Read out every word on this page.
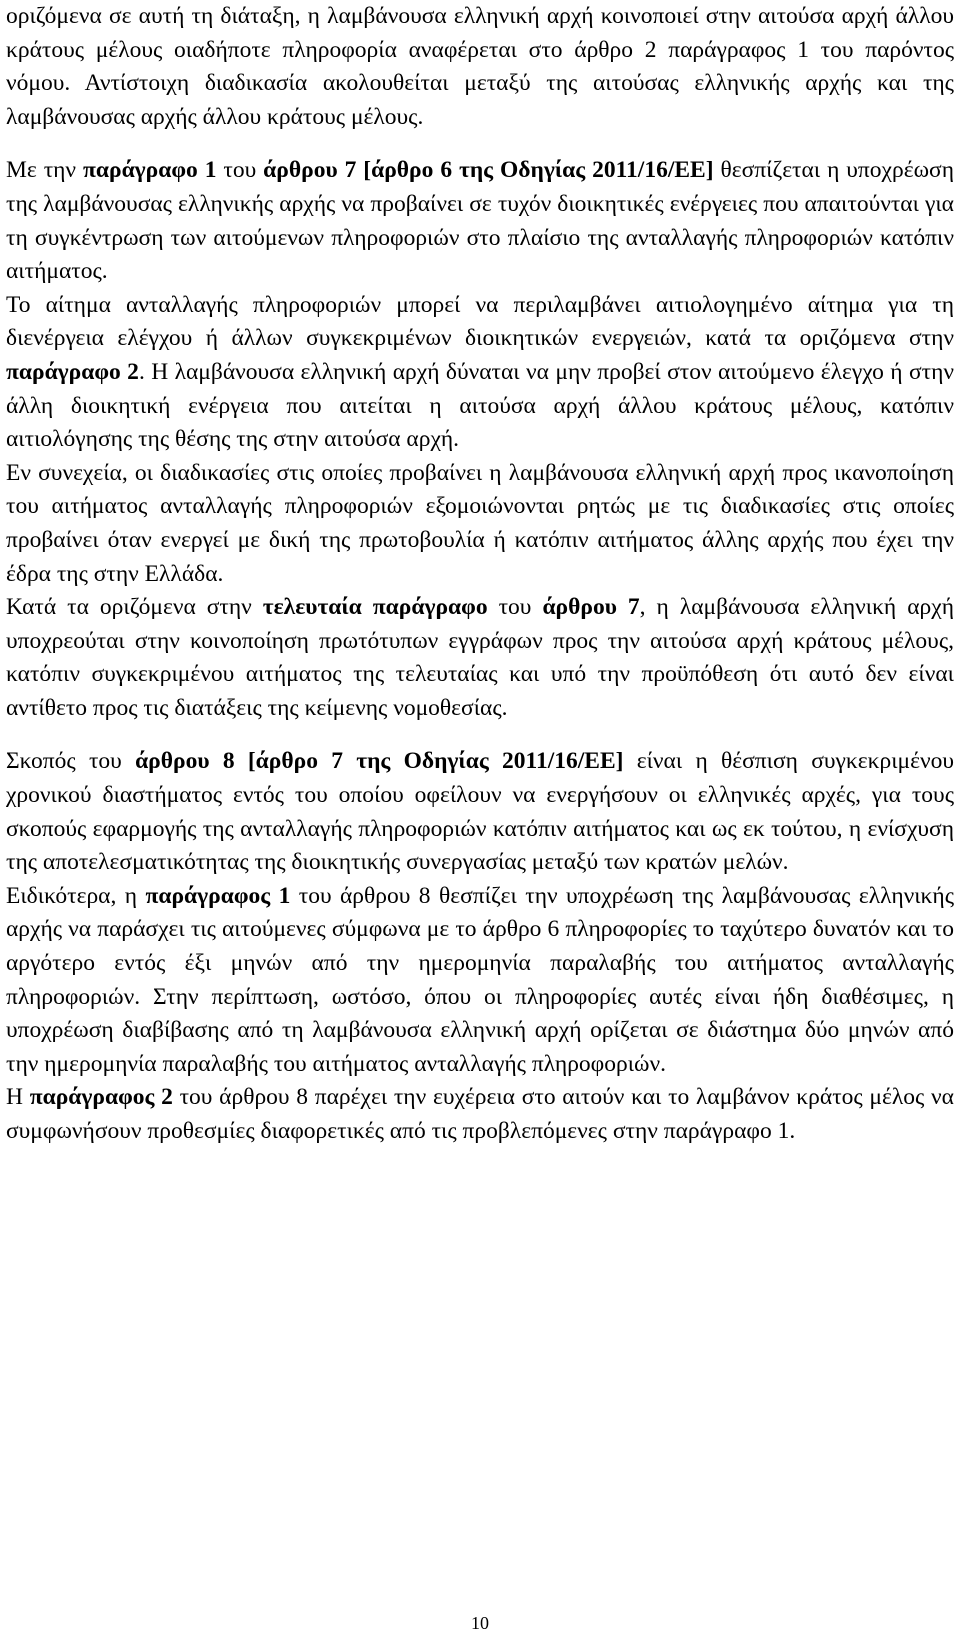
οριζόμενα σε αυτή τη διάταξη, η λαμβάνουσα ελληνική αρχή κοινοποιεί στην αιτούσα αρχή άλλου κράτους μέλους οιαδήποτε πληροφορία αναφέρεται στο άρθρο 2 παράγραφος 1 του παρόντος νόμου. Αντίστοιχη διαδικασία ακολουθείται μεταξύ της αιτούσας ελληνικής αρχής και της λαμβάνουσας αρχής άλλου κράτους μέλους.

Με την παράγραφο 1 του άρθρου 7 [άρθρο 6 της Οδηγίας 2011/16/ΕΕ] θεσπίζεται η υποχρέωση της λαμβάνουσας ελληνικής αρχής να προβαίνει σε τυχόν διοικητικές ενέργειες που απαιτούνται για τη συγκέντρωση των αιτούμενων πληροφοριών στο πλαίσιο της ανταλλαγής πληροφοριών κατόπιν αιτήματος.

Το αίτημα ανταλλαγής πληροφοριών μπορεί να περιλαμβάνει αιτιολογημένο αίτημα για τη διενέργεια ελέγχου ή άλλων συγκεκριμένων διοικητικών ενεργειών, κατά τα οριζόμενα στην παράγραφο 2. Η λαμβάνουσα ελληνική αρχή δύναται να μην προβεί στον αιτούμενο έλεγχο ή στην άλλη διοικητική ενέργεια που αιτείται η αιτούσα αρχή άλλου κράτους μέλους, κατόπιν αιτιολόγησης της θέσης της στην αιτούσα αρχή.

Εν συνεχεία, οι διαδικασίες στις οποίες προβαίνει η λαμβάνουσα ελληνική αρχή προς ικανοποίηση του αιτήματος ανταλλαγής πληροφοριών εξομοιώνονται ρητώς με τις διαδικασίες στις οποίες προβαίνει όταν ενεργεί με δική της πρωτοβουλία ή κατόπιν αιτήματος άλλης αρχής που έχει την έδρα της στην Ελλάδα.

Κατά τα οριζόμενα στην τελευταία παράγραφο του άρθρου 7, η λαμβάνουσα ελληνική αρχή υποχρεούται στην κοινοποίηση πρωτότυπων εγγράφων προς την αιτούσα αρχή κράτους μέλους, κατόπιν συγκεκριμένου αιτήματος της τελευταίας και υπό την προϋπόθεση ότι αυτό δεν είναι αντίθετο προς τις διατάξεις της κείμενης νομοθεσίας.

Σκοπός του άρθρου 8 [άρθρο 7 της Οδηγίας 2011/16/ΕΕ] είναι η θέσπιση συγκεκριμένου χρονικού διαστήματος εντός του οποίου οφείλουν να ενεργήσουν οι ελληνικές αρχές, για τους σκοπούς εφαρμογής της ανταλλαγής πληροφοριών κατόπιν αιτήματος και ως εκ τούτου, η ενίσχυση της αποτελεσματικότητας της διοικητικής συνεργασίας μεταξύ των κρατών μελών.

Ειδικότερα, η παράγραφος 1 του άρθρου 8 θεσπίζει την υποχρέωση της λαμβάνουσας ελληνικής αρχής να παράσχει τις αιτούμενες σύμφωνα με το άρθρο 6 πληροφορίες το ταχύτερο δυνατόν και το αργότερο εντός έξι μηνών από την ημερομηνία παραλαβής του αιτήματος ανταλλαγής πληροφοριών. Στην περίπτωση, ωστόσο, όπου οι πληροφορίες αυτές είναι ήδη διαθέσιμες, η υποχρέωση διαβίβασης από τη λαμβάνουσα ελληνική αρχή ορίζεται σε διάστημα δύο μηνών από την ημερομηνία παραλαβής του αιτήματος ανταλλαγής πληροφοριών.

Η παράγραφος 2 του άρθρου 8 παρέχει την ευχέρεια στο αιτούν και το λαμβάνον κράτος μέλος να συμφωνήσουν προθεσμίες διαφορετικές από τις προβλεπόμενες στην παράγραφο 1.

10
